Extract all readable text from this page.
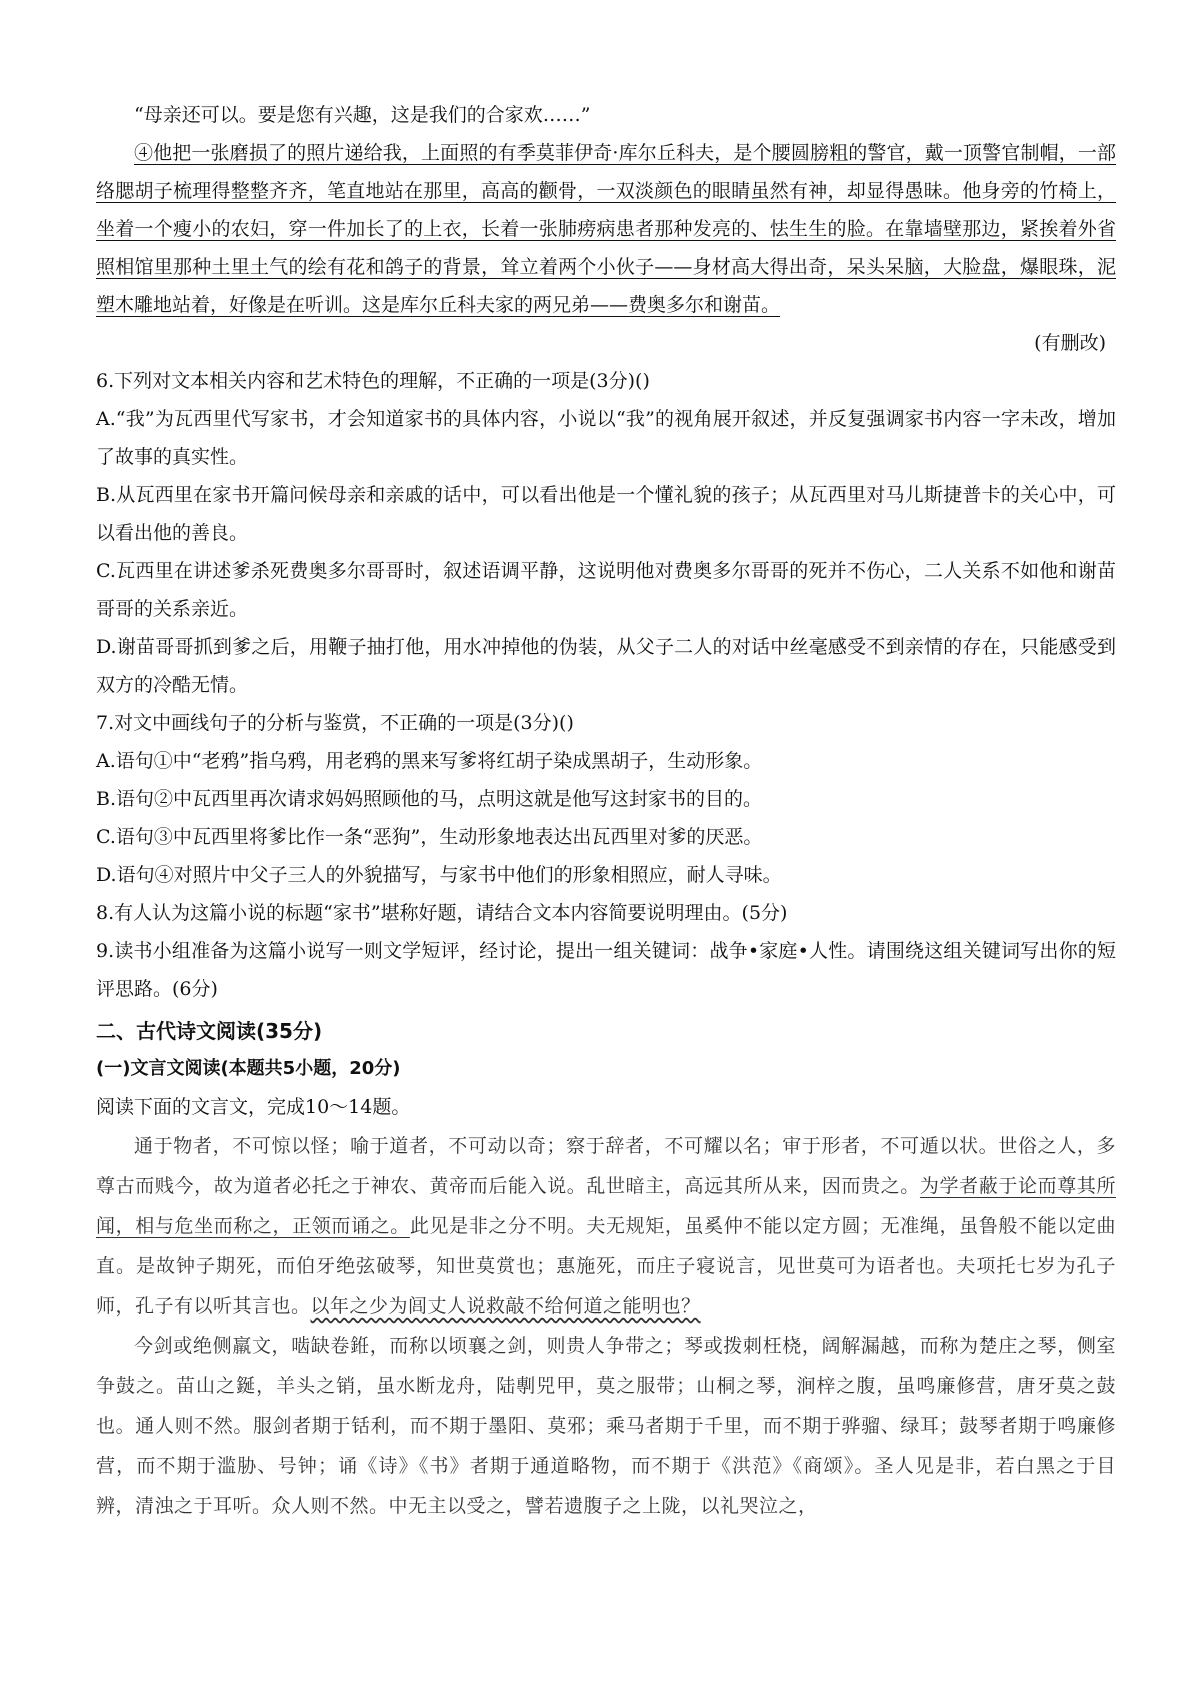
“母亲还可以。要是您有兴趣，这是我们的合家欢……”

④他把一张磨损了的照片递给我，上面照的有季莫菲伊奇·库尔丘科夫，是个腰圆膀粗的警官，戴一顶警官制帽，一部络腮胡子梳理得整整齐齐，笔直地站在那里，高高的颧骨，一双淡颜色的眼睛虽然有神，却显得愚昧。他身旁的竹椅上，坐着一个瘦小的农妇，穿一件加长了的上衣，长着一张肺痨病患者那种发亮的、怯生生的脸。在靠墙壁那边，紧挨着外省照相馆里那种土里土气的绘有花和鸽子的背景，耸立着两个小伙子——身材高大得出奇，呆头呆脑，大脸盘，爆眼珠，泥塑木雕地站着，好像是在听训。这是库尔丘科夫家的两兄弟——费奥多尔和谢苗。

(有删改)

6.下列对文本相关内容和艺术特色的理解，不正确的一项是(3分)()

A.“我”为瓦西里代写家书，才会知道家书的具体内容，小说以“我”的视角展开叙述，并反复强调家书内容一字未改，增加了故事的真实性。

B.从瓦西里在家书开篇问候母亲和亲戚的话中，可以看出他是一个懂礼貌的孩子；从瓦西里对马儿斯捷普卡的关心中，可以看出他的善良。

C.瓦西里在讲述爹杀死费奥多尔哥哥时，叙述语调平静，这说明他对费奥多尔哥哥的死并不伤心，二人关系不如他和谢苗哥哥的关系亲近。

D.谢苗哥哥抓到爹之后，用鞭子抽打他，用水冲掉他的伪装，从父子二人的对话中丝毫感受不到亲情的存在，只能感受到双方的冷酷无情。

7.对文中画线句子的分析与鉴赏，不正确的一项是(3分)()

A.语句①中“老鸦”指乌鸦，用老鸦的黑来写爹将红胡子染成黑胡子，生动形象。

B.语句②中瓦西里再次请求妈妈照顾他的马，点明这就是他写这封家书的目的。

C.语句③中瓦西里将爹比作一条“恶狗”，生动形象地表达出瓦西里对爹的厌恶。

D.语句④对照片中父子三人的外貌描写，与家书中他们的形象相照应，耐人寻味。

8.有人认为这篇小说的标题“家书”堪称好题，请结合文本内容简要说明理由。(5分)

9.读书小组准备为这篇小说写一则文学短评，经讨论，提出一组关键词：战争•家庭•人性。请围绕这组关键词写出你的短评思路。(6分)

二、古代诗文阅读(35分)

(一)文言文阅读(本题共5小题，20分)

阅读下面的文言文，完成10～14题。

通于物者，不可惊以怪；喻于道者，不可动以奇；察于辞者，不可耀以名；审于形者，不可遁以状。世俗之人，多尊古而贱今，故为道者必托之于神农、黄帝而后能入说。乱世暗主，高远其所从来，因而贵之。为学者蔽于论而尊其所闻，相与危坐而称之，正领而诵之。此见是非之分不明。夫无规矩，虽奚仲不能以定方圆；无准绳，虽鲁般不能以定曲直。是故钟子期死，而伯牙绝弦破琴，知世莫赏也；惠施死，而庄子寝说言，见世莫可为语者也。夫项托七岁为孔子师，孔子有以听其言也。以年之少为闾丈人说救敲不给何道之能明也？

今剑或绝侧羸文，啮缺卷銋，而称以顷襄之剑，则贵人争带之；琴或拨刺枉桡，阔解漏越，而称为楚庄之琴，侧室争鼓之。苗山之鋋，羊头之销，虽水断龙舟，陆剸兕甲，莫之服带；山桐之琴，涧梓之腹，虽鸣廉修营，唐牙莫之鼓也。通人则不然。服剑者期于铦利，而不期于墨阳、莫邪；乘马者期于千里，而不期于骅骝、绿耳；鼓琴者期于鸣廉修营，而不期于滥胁、号钟；诵《诗》《书》者期于通道略物，而不期于《洪范》《商颂》。圣人见是非，若白黑之于目辨，清浊之于耳听。众人则不然。中无主以受之，譬若遗腹子之上陇，以礼哭泣之，
